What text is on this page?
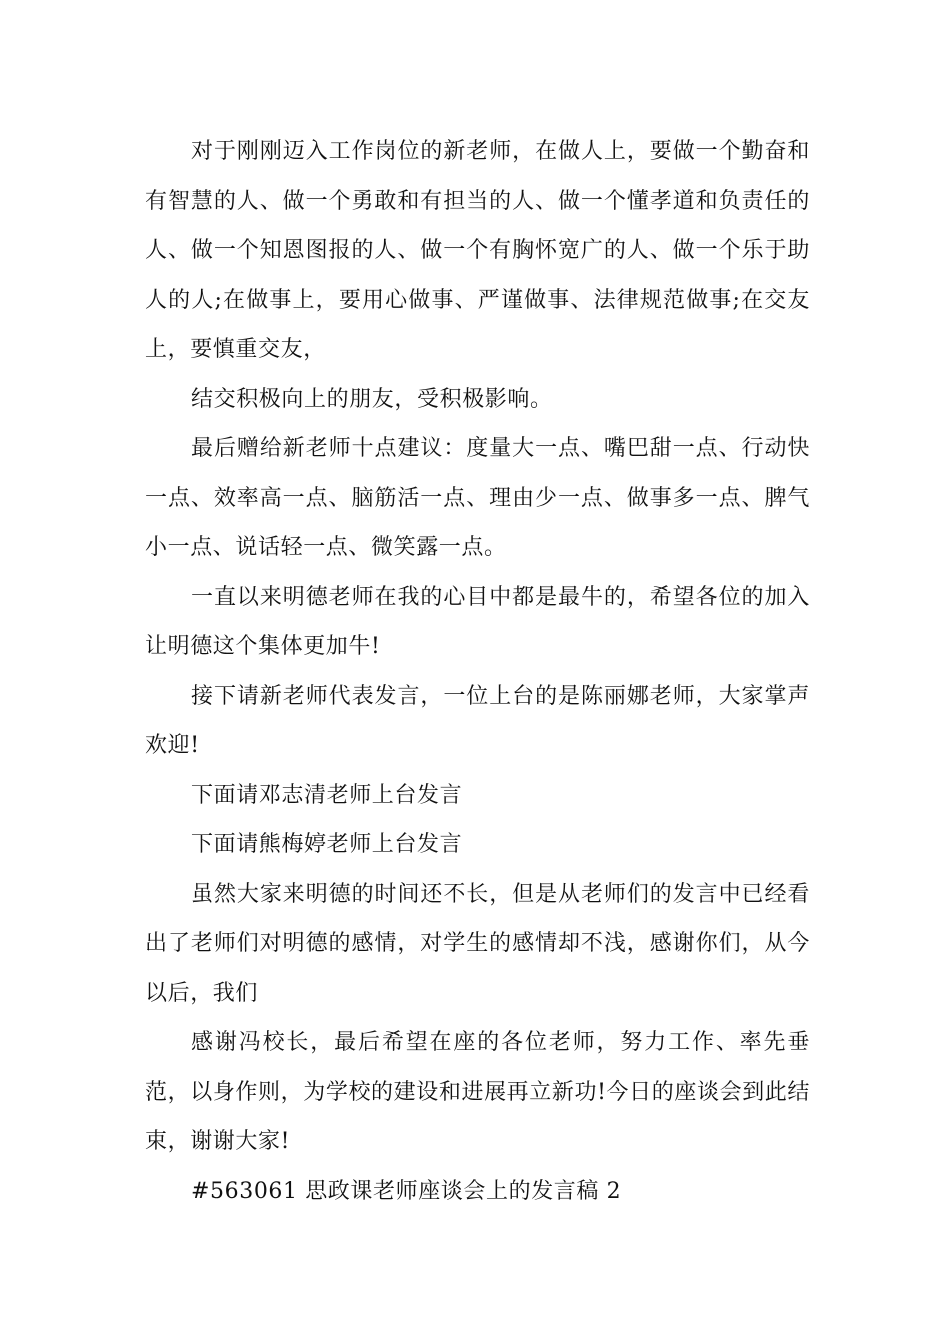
对于刚刚迈入工作岗位的新老师，在做人上，要做一个勤奋和有智慧的人、做一个勇敢和有担当的人、做一个懂孝道和负责任的人、做一个知恩图报的人、做一个有胸怀宽广的人、做一个乐于助人的人;在做事上，要用心做事、严谨做事、法律规范做事;在交友上，要慎重交友，

结交积极向上的朋友，受积极影响。

最后赠给新老师十点建议：度量大一点、嘴巴甜一点、行动快一点、效率高一点、脑筋活一点、理由少一点、做事多一点、脾气小一点、说话轻一点、微笑露一点。

一直以来明德老师在我的心目中都是最牛的，希望各位的加入让明德这个集体更加牛!

接下请新老师代表发言，一位上台的是陈丽娜老师，大家掌声欢迎!

下面请邓志清老师上台发言

下面请熊梅婷老师上台发言

虽然大家来明德的时间还不长，但是从老师们的发言中已经看出了老师们对明德的感情，对学生的感情却不浅，感谢你们，从今以后，我们

感谢冯校长，最后希望在座的各位老师，努力工作、率先垂范，以身作则，为学校的建设和进展再立新功!今日的座谈会到此结束，谢谢大家!

#563061 思政课老师座谈会上的发言稿 2
